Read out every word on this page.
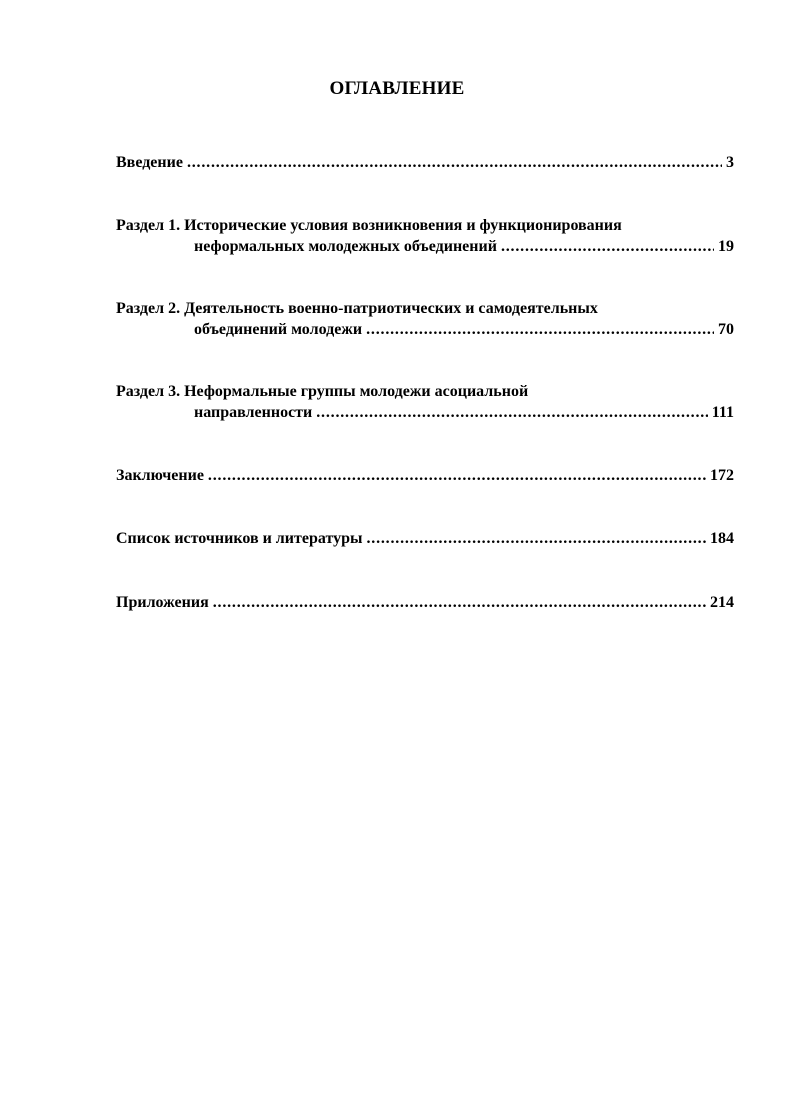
ОГЛАВЛЕНИЕ
Введение . . .	3
Раздел 1. Исторические условия возникновения и функционирования
неформальных молодежных объединений . . .	19
Раздел 2. Деятельность военно-патриотических и самодеятельных
объединений молодежи . . .	70
Раздел 3. Неформальные группы молодежи асоциальной
направленности . . .	111
Заключение . . .	172
Список источников и литературы . . .	184
Приложения . . .	214
